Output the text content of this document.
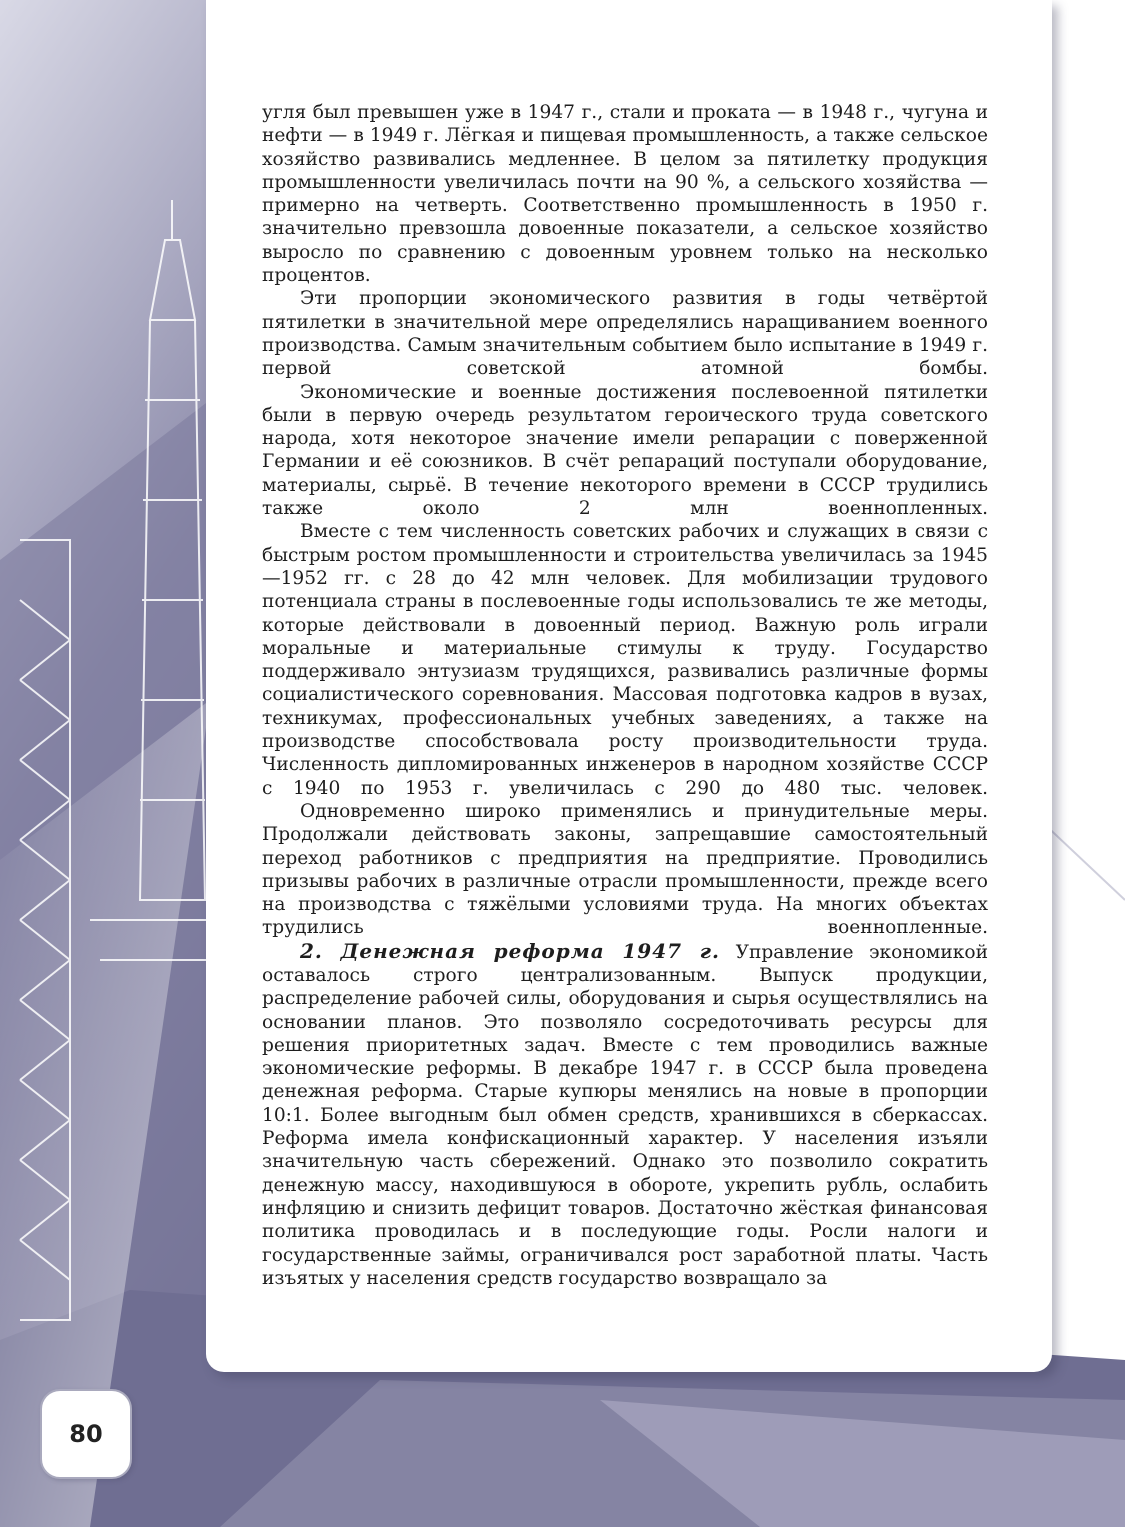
угля был превышен уже в 1947 г., стали и проката — в 1948 г., чугуна и нефти — в 1949 г. Лёгкая и пищевая промышленность, а также сельское хозяйство развивались медленнее. В целом за пятилетку продукция промышленности увеличилась почти на 90 %, а сельского хозяйства — примерно на четверть. Соответственно промышленность в 1950 г. значительно превзошла довоенные показатели, а сельское хозяйство выросло по сравнению с довоенным уровнем только на несколько процентов.

Эти пропорции экономического развития в годы четвёртой пятилетки в значительной мере определялись наращиванием военного производства. Самым значительным событием было испытание в 1949 г. первой советской атомной бомбы.

Экономические и военные достижения послевоенной пятилетки были в первую очередь результатом героического труда советского народа, хотя некоторое значение имели репарации с поверженной Германии и её союзников. В счёт репараций поступали оборудование, материалы, сырьё. В течение некоторого времени в СССР трудились также около 2 млн военнопленных.

Вместе с тем численность советских рабочих и служащих в связи с быстрым ростом промышленности и строительства увеличилась за 1945—1952 гг. с 28 до 42 млн человек. Для мобилизации трудового потенциала страны в послевоенные годы использовались те же методы, которые действовали в довоенный период. Важную роль играли моральные и материальные стимулы к труду. Государство поддерживало энтузиазм трудящихся, развивались различные формы социалистического соревнования. Массовая подготовка кадров в вузах, техникумах, профессиональных учебных заведениях, а также на производстве способствовала росту производительности труда. Численность дипломированных инженеров в народном хозяйстве СССР с 1940 по 1953 г. увеличилась с 290 до 480 тыс. человек.

Одновременно широко применялись и принудительные меры. Продолжали действовать законы, запрещавшие самостоятельный переход работников с предприятия на предприятие. Проводились призывы рабочих в различные отрасли промышленности, прежде всего на производства с тяжёлыми условиями труда. На многих объектах трудились военнопленные.

2. Денежная реформа 1947 г. Управление экономикой оставалось строго централизованным. Выпуск продукции, распределение рабочей силы, оборудования и сырья осуществлялись на основании планов. Это позволяло сосредоточивать ресурсы для решения приоритетных задач. Вместе с тем проводились важные экономические реформы. В декабре 1947 г. в СССР была проведена денежная реформа. Старые купюры менялись на новые в пропорции 10:1. Более выгодным был обмен средств, хранившихся в сберкассах. Реформа имела конфискационный характер. У населения изъяли значительную часть сбережений. Однако это позволило сократить денежную массу, находившуюся в обороте, укрепить рубль, ослабить инфляцию и снизить дефицит товаров. Достаточно жёсткая финансовая политика проводилась и в последующие годы. Росли налоги и государственные займы, ограничивался рост заработной платы. Часть изъятых у населения средств государство возвращало за

80
